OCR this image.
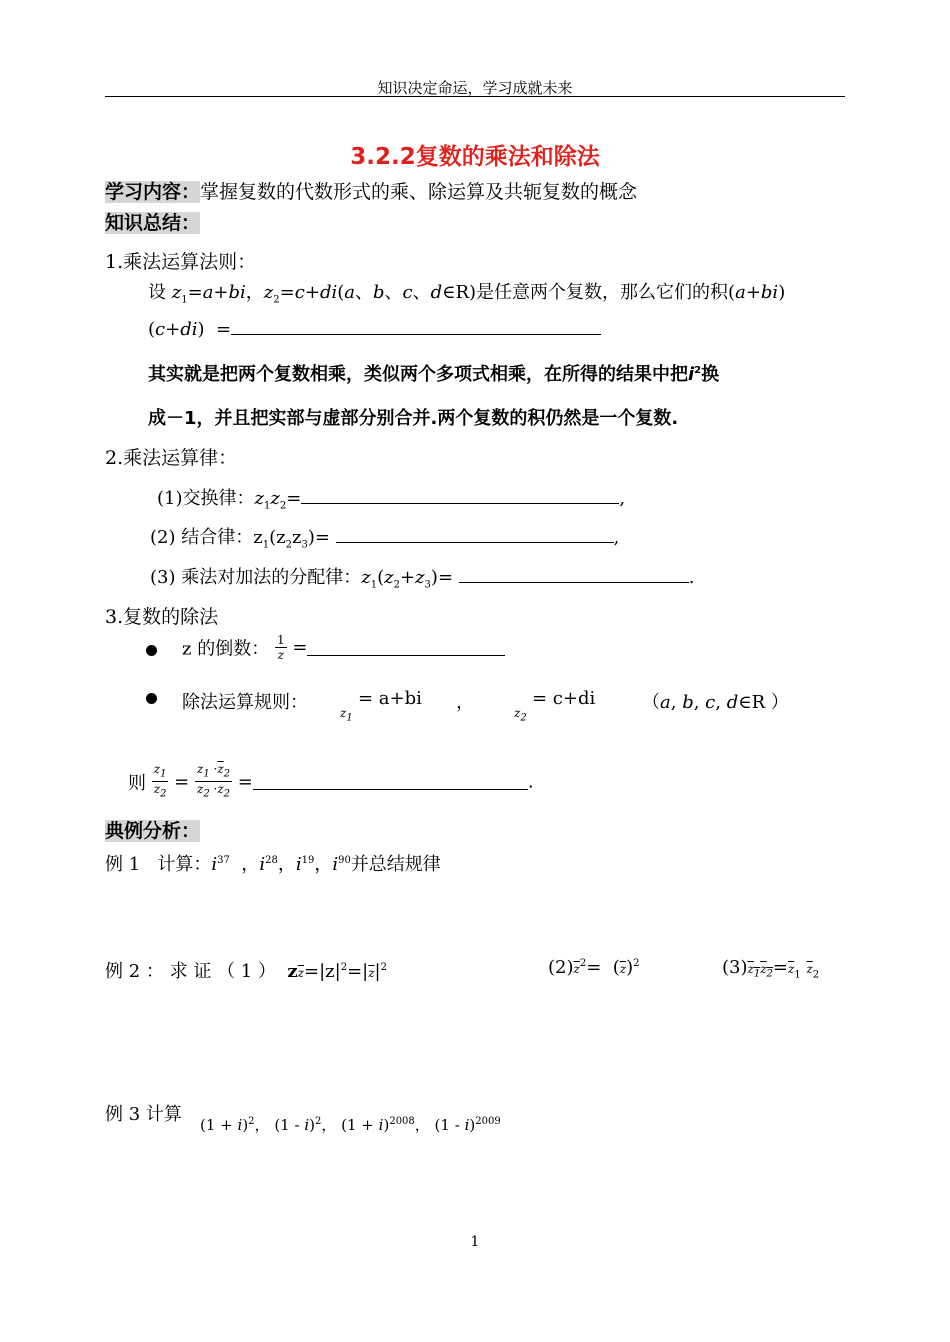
知识决定命运，学习成就未来
3.2.2复数的乘法和除法
学习内容：掌握复数的代数形式的乘、除运算及共轭复数的概念
知识总结：
1.乘法运算法则：
设 $z_1=a+bi$，$z_2=c+di(a$、b、c、d∈R)是任意两个复数，那么它们的积(a+bi)
(c+di)  =
其实就是把两个复数相乘，类似两个多项式相乘，在所得的结果中把$i^2$换
成－1，并且把实部与虚部分别合并.两个复数的积仍然是一个复数.
2.乘法运算律：
(1)交换律：$z_1z_2=$	,
(2) 结合律：$z_1(z_2z_3)=$	,
(3) 乘法对加法的分配律：$z_1(z_2+z_3)=$	.
3.复数的除法
z 的倒数： $\frac{1}{z}$ =
除法运算规则：	= a+bi
$z_1$
，	$z_2$
= c+di	（a, b, c, d∈R ）
则 $\frac{z_1}{z_2} = \frac{z_1 \cdot\overline{z}_2}{z_2 \cdot\overline{z}_2}$ =	.
典例分析：
例 1 计算：$i^{37}$  ，$i^{28}$，$i^{19}$，$i^{90}$并总结规律
例 2 ： 求 证 （ 1 ） $z\overline{z}=|z|^2=|\overline{z}|^2$	$(2)\overline{z}^2= (\overline{z})^2$	$(3)z_1z_2=\overline{z}_1$ $\overline{z}_2$
例 3 计算 $(1 + i)^2$， (1 - i)$^2$， $(1 + i)^{2008}$， (1 - i)$^{2009}$
1
